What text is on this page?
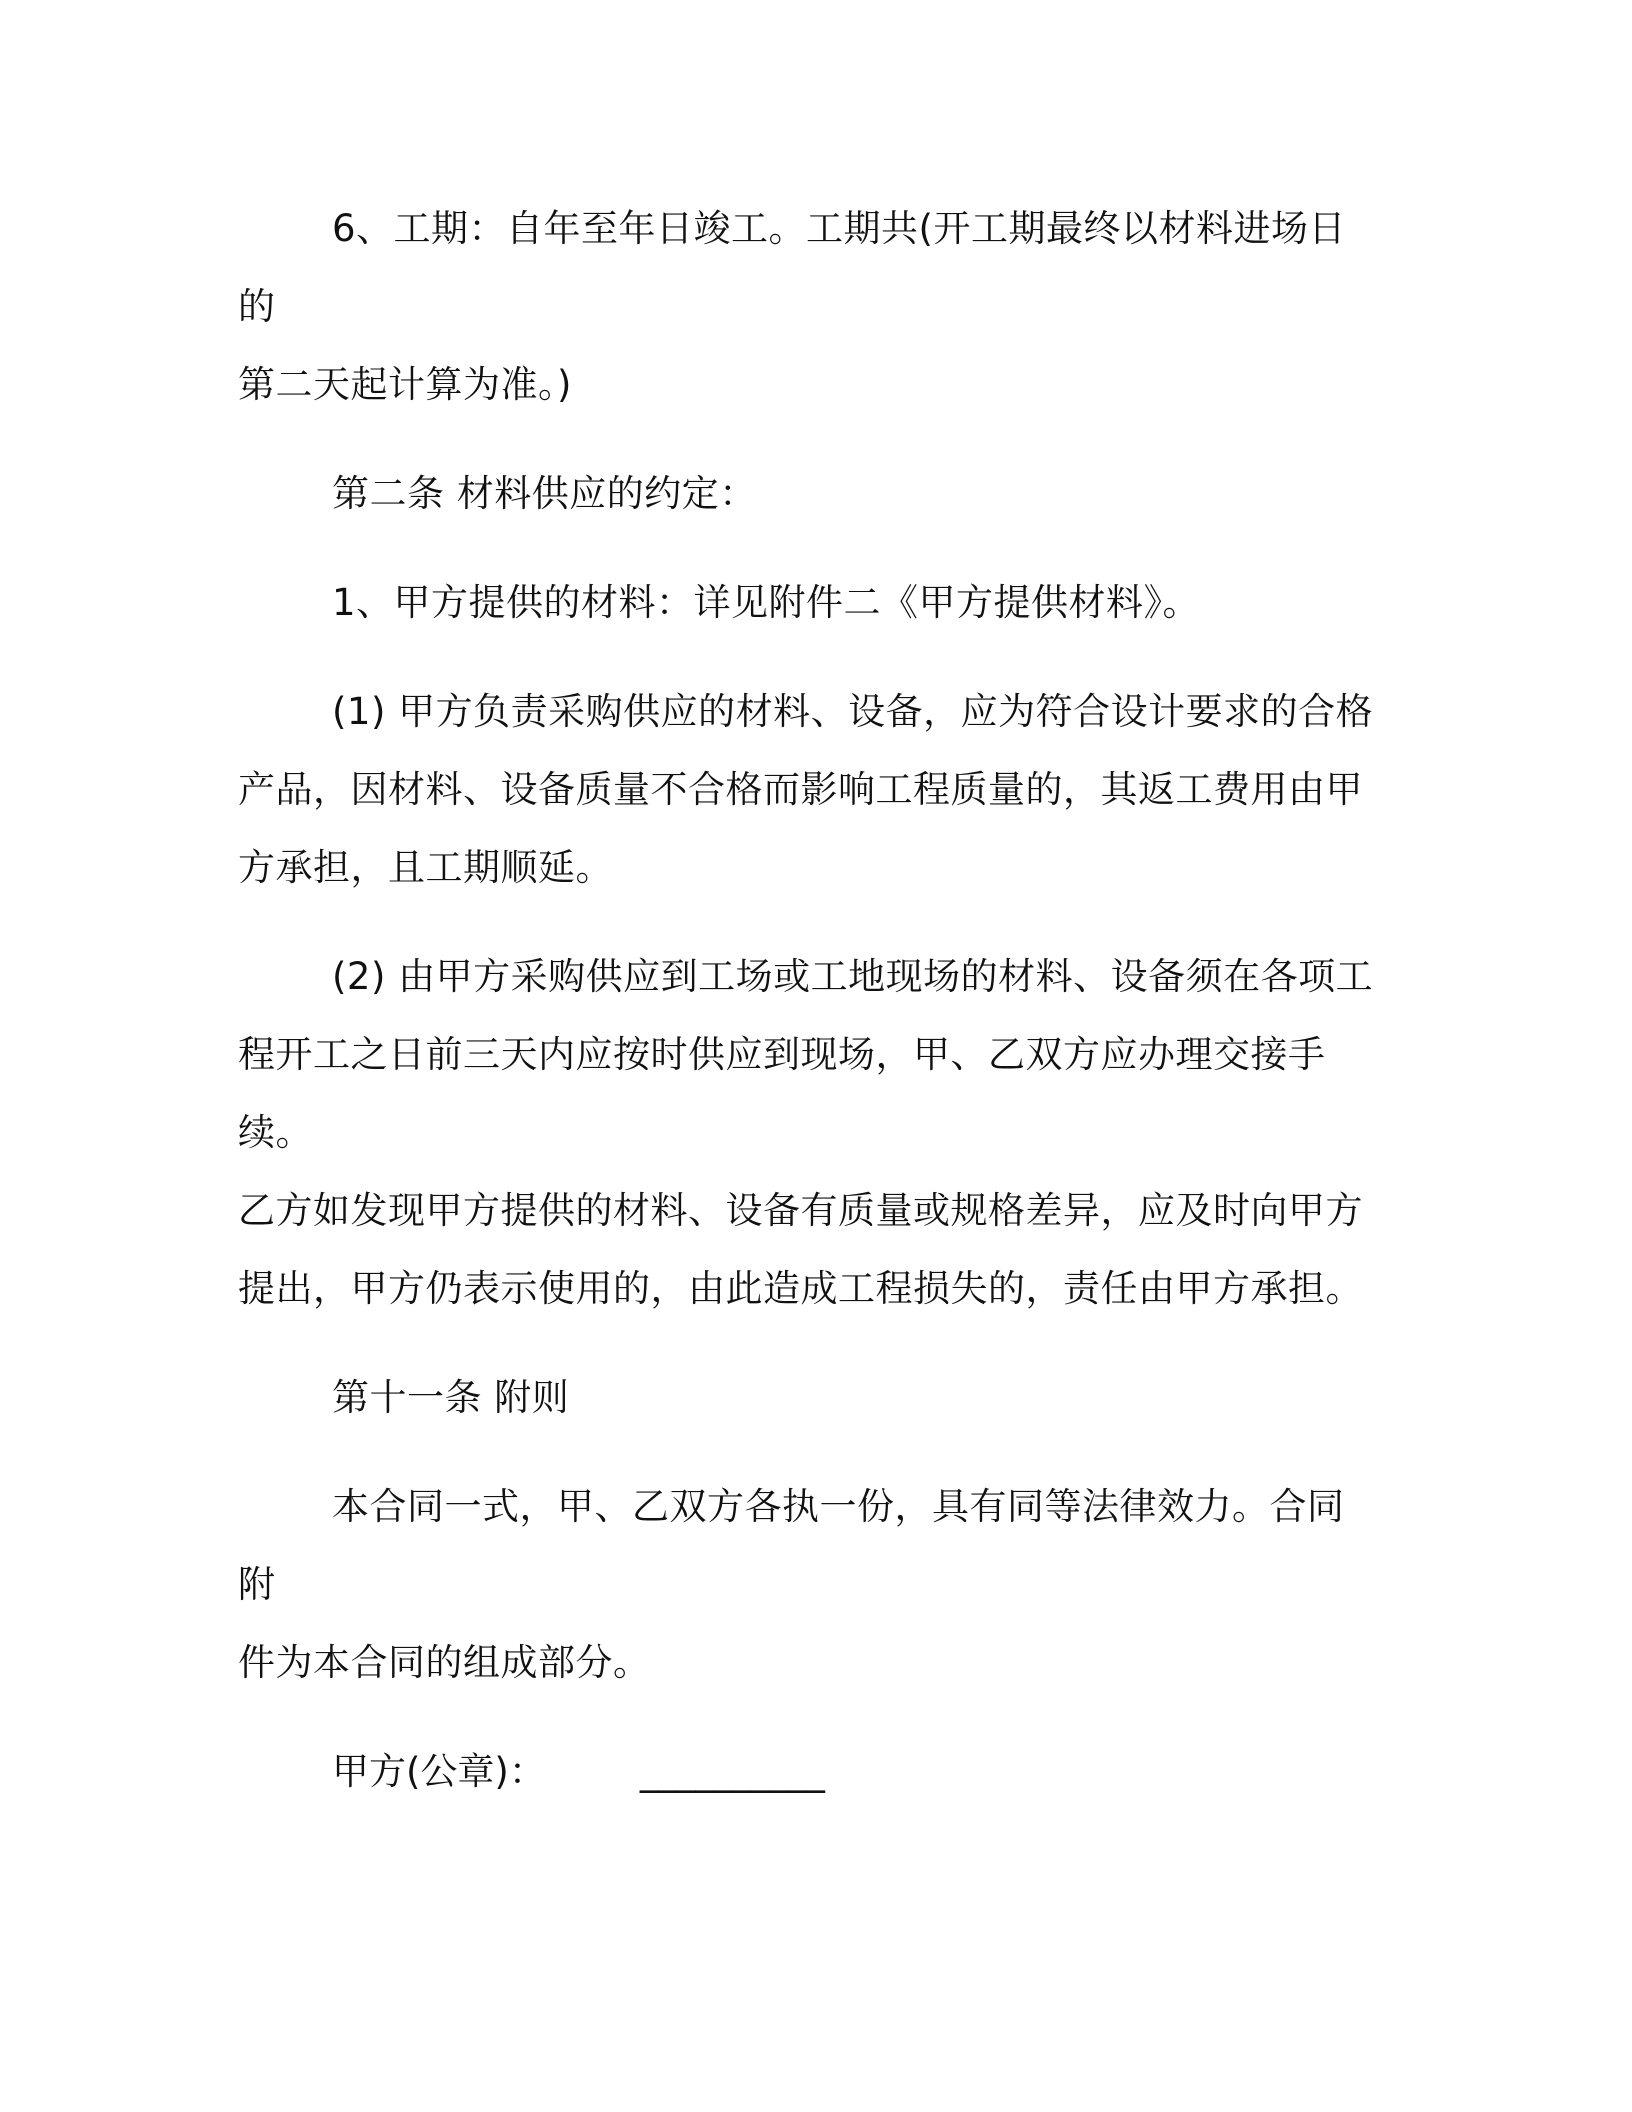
6、工期：自年至年日竣工。工期共(开工期最终以材料进场日的
第二天起计算为准。)

第二条 材料供应的约定：

1、甲方提供的材料：详见附件二《甲方提供材料》。

(1) 甲方负责采购供应的材料、设备，应为符合设计要求的合格
产品，因材料、设备质量不合格而影响工程质量的，其返工费用由甲
方承担，且工期顺延。

(2) 由甲方采购供应到工场或工地现场的材料、设备须在各项工
程开工之日前三天内应按时供应到现场，甲、乙双方应办理交接手续。
乙方如发现甲方提供的材料、设备有质量或规格差异，应及时向甲方
提出，甲方仍表示使用的，由此造成工程损失的，责任由甲方承担。

第十一条 附则

本合同一式，甲、乙双方各执一份，具有同等法律效力。合同附
件为本合同的组成部分。

甲方(公章)：	__________
